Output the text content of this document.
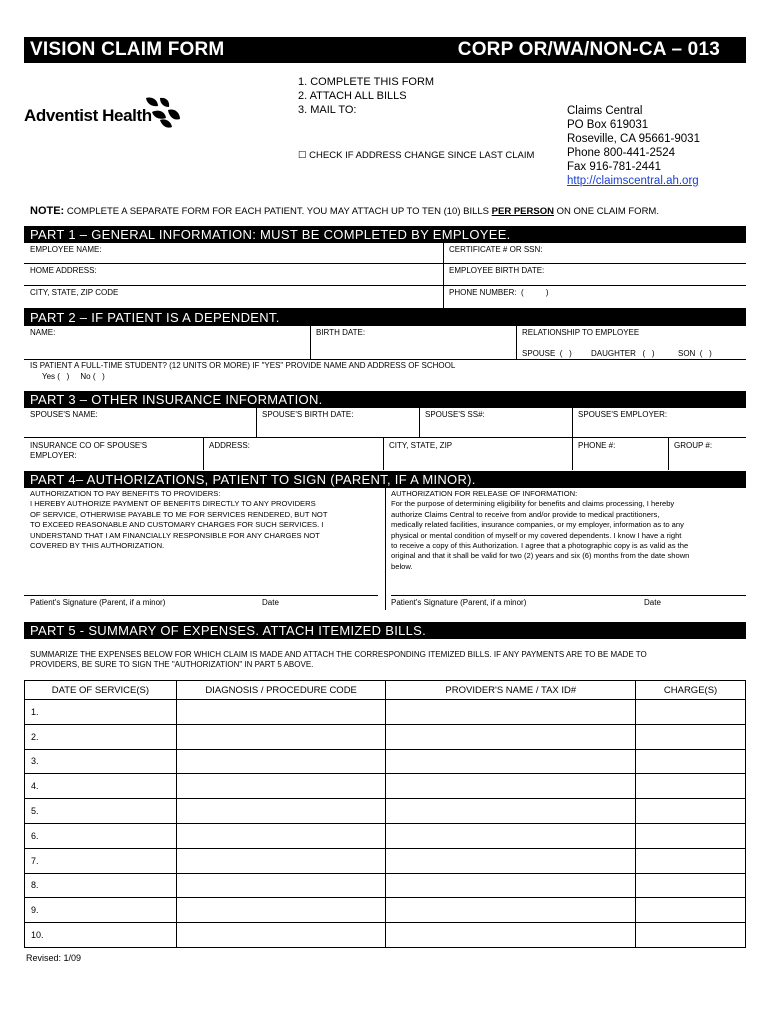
VISION CLAIM FORM	CORP OR/WA/NON-CA – 013
Adventist Health
1. COMPLETE THIS FORM
2. ATTACH ALL BILLS
3. MAIL TO:
☐ CHECK IF ADDRESS CHANGE SINCE LAST CLAIM
Claims Central
PO Box 619031
Roseville, CA 95661-9031
Phone 800-441-2524
Fax 916-781-2441
http://claimscentral.ah.org
NOTE: COMPLETE A SEPARATE FORM FOR EACH PATIENT. YOU MAY ATTACH UP TO TEN (10) BILLS PER PERSON ON ONE CLAIM FORM.
PART 1 – GENERAL INFORMATION: MUST BE COMPLETED BY EMPLOYEE.
EMPLOYEE NAME:	CERTIFICATE # OR SSN:
HOME ADDRESS:	EMPLOYEE BIRTH DATE:
CITY, STATE, ZIP CODE	PHONE NUMBER:  (          )
PART 2 – IF PATIENT IS A DEPENDENT.
NAME:	BIRTH DATE:	RELATIONSHIP TO EMPLOYEE
SPOUSE  (   ) DAUGHTER   (   )	SON  (   )
IS PATIENT A FULL-TIME STUDENT? (12 UNITS OR MORE) IF "YES" PROVIDE NAME AND ADDRESS OF SCHOOL
Yes (   )     No (   )
PART 3 – OTHER INSURANCE INFORMATION.
SPOUSE'S NAME:	SPOUSE'S BIRTH DATE:	SPOUSE'S SS#:	SPOUSE'S EMPLOYER:
INSURANCE CO OF SPOUSE'S
EMPLOYER:
ADDRESS:	CITY, STATE, ZIP	PHONE #:	GROUP #:
PART 4– AUTHORIZATIONS, PATIENT TO SIGN (PARENT, IF A MINOR).
AUTHORIZATION TO PAY BENEFITS TO PROVIDERS:
I HEREBY AUTHORIZE PAYMENT OF BENEFITS DIRECTLY TO ANY PROVIDERS
OF SERVICE, OTHERWISE PAYABLE TO ME FOR SERVICES RENDERED, BUT NOT
TO EXCEED REASONABLE AND CUSTOMARY CHARGES FOR SUCH SERVICES. I
UNDERSTAND THAT I AM FINANCIALLY RESPONSIBLE FOR ANY CHARGES NOT
COVERED BY THIS AUTHORIZATION.
AUTHORIZATION FOR RELEASE OF INFORMATION:
For the purpose of determining eligibility for benefits and claims processing, I hereby
authorize Claims Central to receive from and/or provide to medical practitioners,
medically related facilities, insurance companies, or my employer, information as to any
physical or mental condition of myself or my covered dependents. I know I have a right
to receive a copy of this Authorization. I agree that a photographic copy is as valid as the
original and that it shall be valid for two (2) years and six (6) months from the date shown
below.
Patient's Signature (Parent, if a minor)	Date	Patient's Signature (Parent, if a minor)	Date
PART 5 - SUMMARY OF EXPENSES. ATTACH ITEMIZED BILLS.
SUMMARIZE THE EXPENSES BELOW FOR WHICH CLAIM IS MADE AND ATTACH THE CORRESPONDING ITEMIZED BILLS. IF ANY PAYMENTS ARE TO BE MADE TO
PROVIDERS, BE SURE TO SIGN THE "AUTHORIZATION" IN PART 5 ABOVE.
DATE OF SERVICE(S)	DIAGNOSIS / PROCEDURE CODE	PROVIDER'S NAME / TAX ID#	CHARGE(S)
1.			
2.			
3.			
4.			
5.			
6.			
7.			
8.			
9.			
10.			
Revised: 1/09
